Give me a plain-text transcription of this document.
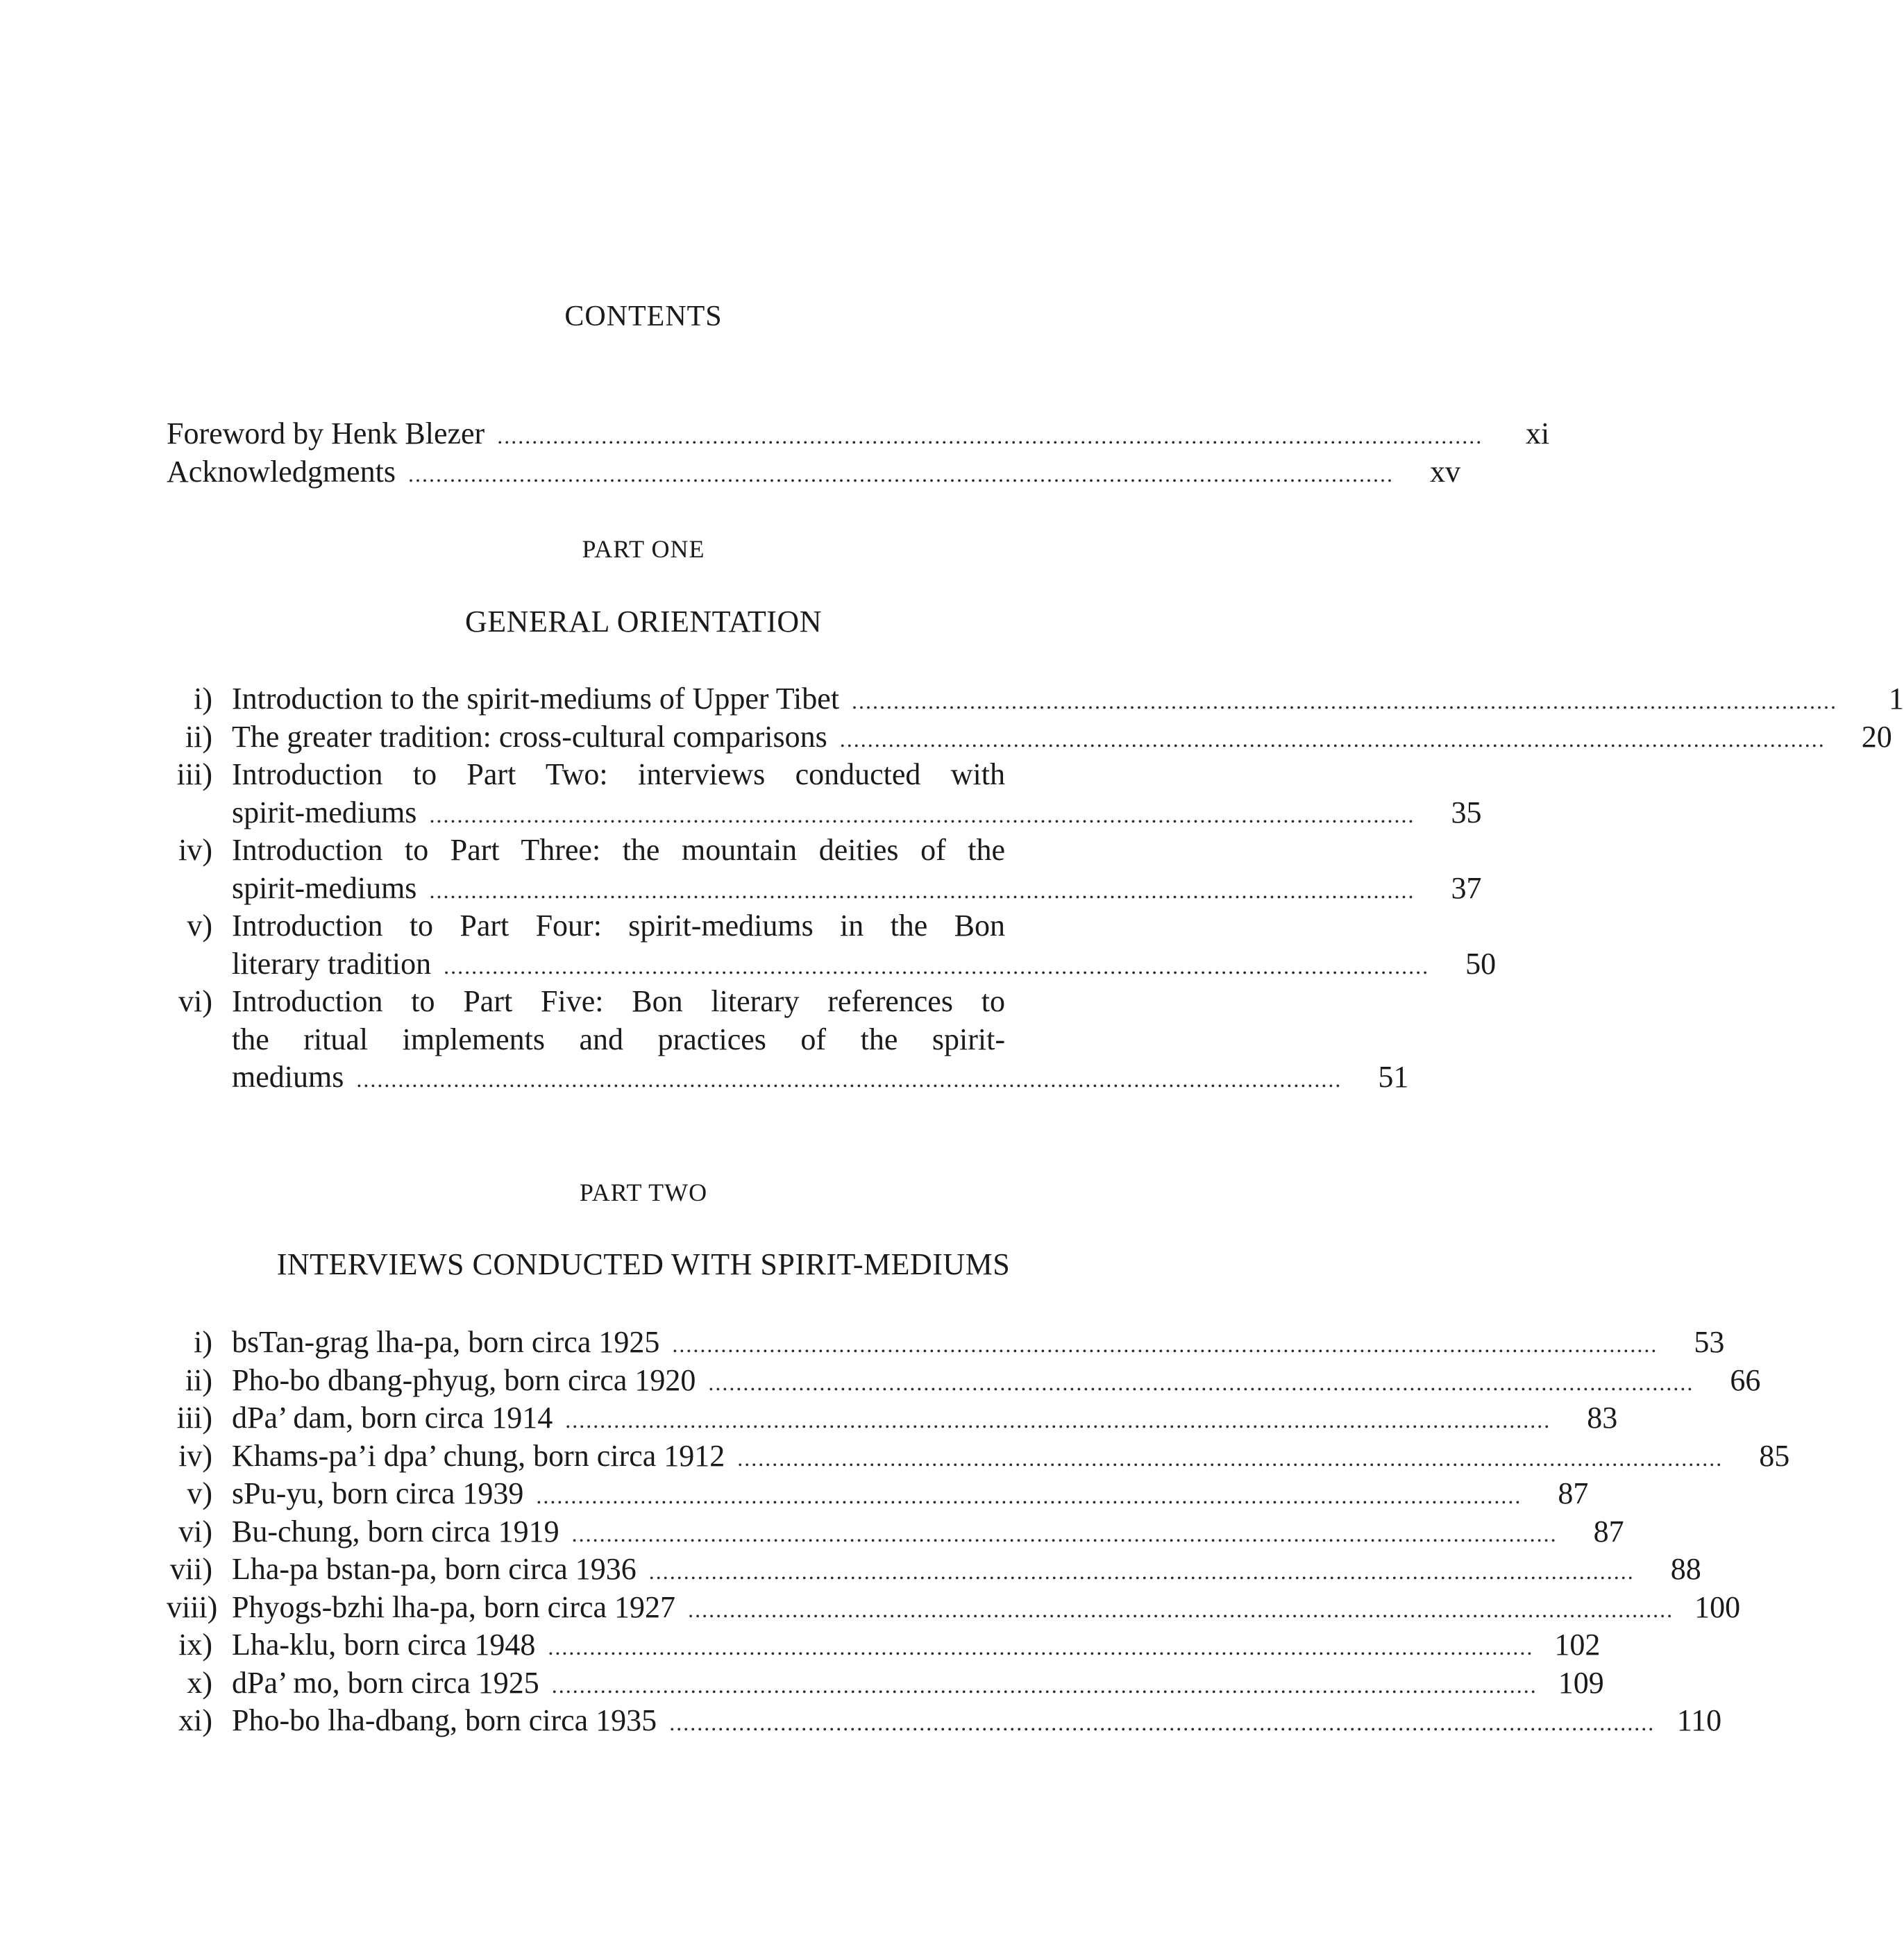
CONTENTS
Foreword by Henk Blezer ..............................................................................................................................................	xi
Acknowledgments ..............................................................................................................................................	xv
PART ONE
GENERAL ORIENTATION
i) Introduction to the spirit-mediums of Upper Tibet ..............................................................................................................................................	1
ii) The greater tradition: cross-cultural comparisons ..............................................................................................................................................	20
iii) Introduction to Part Two: interviews conducted with
spirit-mediums ..............................................................................................................................................	35
iv) Introduction to Part Three: the mountain deities of the
spirit-mediums ..............................................................................................................................................	37
v) Introduction to Part Four: spirit-mediums in the Bon
literary tradition ..............................................................................................................................................	50
vi) Introduction to Part Five: Bon literary references to
the ritual implements and practices of the spirit-
mediums ..............................................................................................................................................	51
PART TWO
INTERVIEWS CONDUCTED WITH SPIRIT-MEDIUMS
i) bsTan-grag lha-pa, born circa 1925 ..............................................................................................................................................	53
ii) Pho-bo dbang-phyug, born circa 1920 ..............................................................................................................................................	66
iii) dPa’ dam, born circa 1914 ..............................................................................................................................................	83
iv) Khams-pa’i dpa’ chung, born circa 1912 ..............................................................................................................................................	85
v) sPu-yu, born circa 1939 ..............................................................................................................................................	87
vi) Bu-chung, born circa 1919 ..............................................................................................................................................	87
vii) Lha-pa bstan-pa, born circa 1936 ..............................................................................................................................................	88
viii) Phyogs-bzhi lha-pa, born circa 1927 .............................................................................................................................................. 100
ix) Lha-klu, born circa 1948 .............................................................................................................................................. 102
x) dPa’ mo, born circa 1925 .............................................................................................................................................. 109
xi) Pho-bo lha-dbang, born circa 1935 .............................................................................................................................................. 110
